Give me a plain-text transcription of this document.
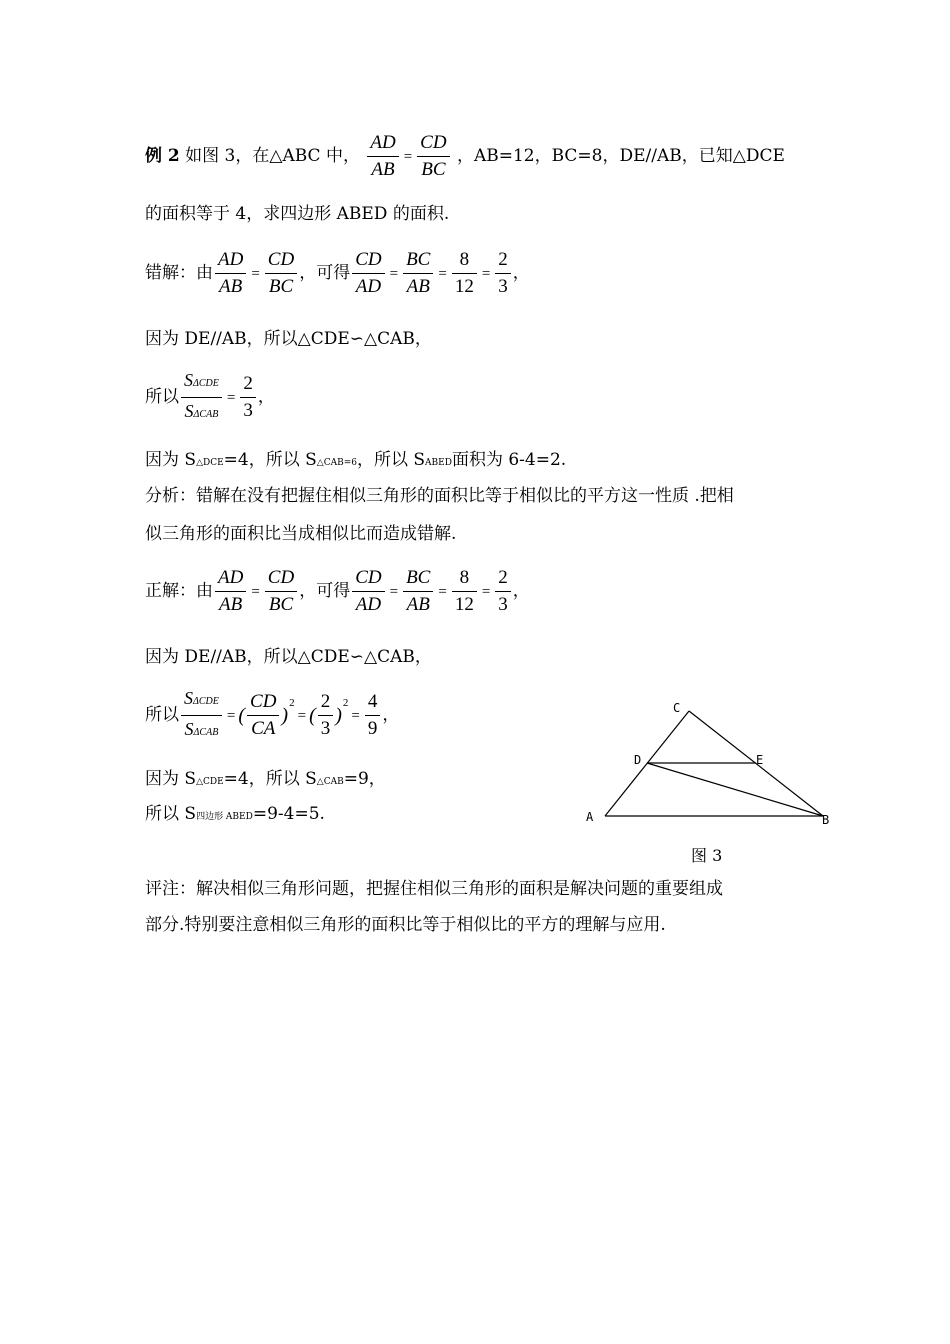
例 2 如图 3，在△ABC 中， $\frac{AD}{AB} = \frac{CD}{BC}$ ，AB=12，BC=8，DE//AB，已知△DCE
的面积等于 4，求四边形 ABED 的面积.
错解：由 $\frac{AD}{AB} = \frac{CD}{BC}$ ，可得 $\frac{CD}{AD} = \frac{BC}{AB} = \frac{8}{12} = \frac{2}{3}$ ，
因为 DE//AB，所以△CDE∽△CAB，
所以
SΔCDE
SΔCAB
= $\frac{2}{3}$ ，
因为 S△DCE=4，所以 S△CAB=6，所以 SABED面积为 6-4=2.
分析：错解在没有把握住相似三角形的面积比等于相似比的平方这一性质 .把相
似三角形的面积比当成相似比而造成错解.
正解：由 $\frac{AD}{AB} = \frac{CD}{BC}$ ，可得 $\frac{CD}{AD} = \frac{BC}{AB} = \frac{8}{12} = \frac{2}{3}$ ，
因为 DE//AB，所以△CDE∽△CAB，
所以
SΔCDE
SΔCAB
= ( $\frac{CD}{CA} )^2=$ ( $\frac{2}{3} )^2= \frac{4}{9}$ ，
因为 S△CDE=4，所以 S△CAB=9，
所以 S四边形 ABED=9-4=5.
C
D	E
A	B
图 3
评注：解决相似三角形问题，把握住相似三角形的面积是解决问题的重要组成
部分.特别要注意相似三角形的面积比等于相似比的平方的理解与应用.
